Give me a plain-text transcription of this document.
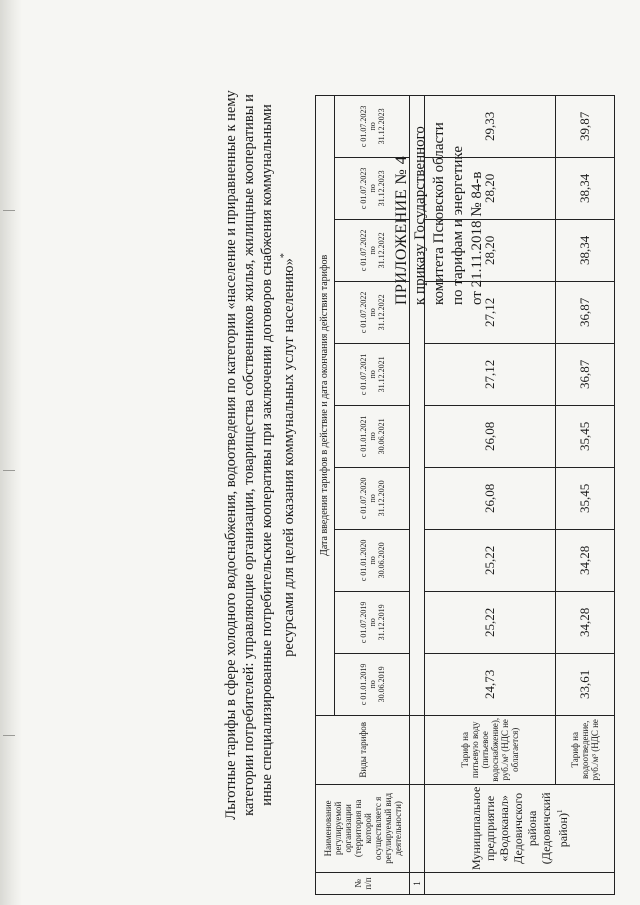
ПРИЛОЖЕНИЕ № 4 к приказу Государственного комитета Псковской области по тарифам и энергетике от 21.11.2018 № 84-в
Льготные тарифы в сфере холодного водоснабжения, водоотведения по категории «население и приравненные к нему категории потребителей: управляющие организации, товарищества собственников жилья, жилищные кооперативы и иные специализированные потребительские кооперативы при заключении договоров снабжения коммунальными ресурсами для целей оказания коммунальных услуг населению»*
№ п/п	Наименование регулируемой организации (территория на которой осуществляетс я регулируемый вид деятельности)	Виды тарифов	Дата введения тарифов в действие и дата окончания действия тарифов									

			с 01.01.2019 по 30.06.2019	с 01.07.2019 по 31.12.2019	с 01.01.2020 по 30.06.2020	с 01.07.2020 по 31.12.2020	с 01.01.2021 по 30.06.2021	с 01.07.2021 по 31.12.2021	с 01.07.2022 по 31.12.2022	с 01.07.2022 по 31.12.2022	с 01.07.2023 по 31.12.2023	с 01.07.2023 по 31.12.2023

1												
	Муниципальное предприятие «Водоканал» Дедовичского района (Дедовичский район)$^1$	Тариф на питьевую воду (питьевое водоснабжение), руб./м³ (НДС не облагается)	24,73	25,22	25,22	26,08	26,08	27,12	27,12	28,20	28,20	29,33
		Тариф на водоотведение, руб./м³ (НДС не	33,61	34,28	34,28	35,45	35,45	36,87	36,87	38,34	38,34	39,87
